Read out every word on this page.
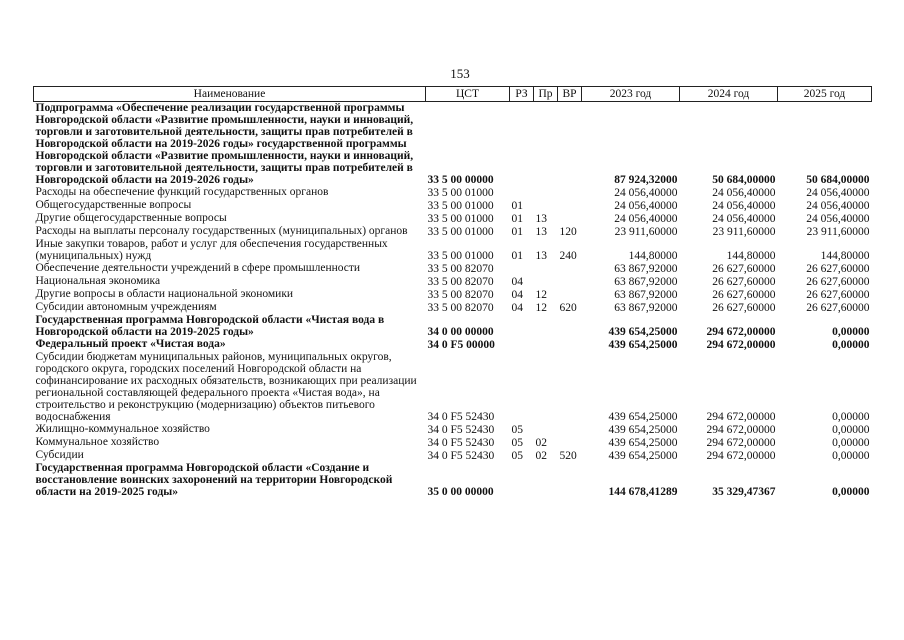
153
Наименование	ЦСТ	РЗ	Пр	ВР	2023 год	2024 год	2025 год
Подпрограмма «Обеспечение реализации государственной программы Новгородской области «Развитие промышленности, науки и инноваций, торговли и заготовительной деятельности, защиты прав потребителей в Новгородской области на 2019-2026 годы» государственной программы Новгородской области «Развитие промышленности, науки и инноваций, торговли и заготовительной деятельности, защиты прав потребителей в Новгородской области на 2019-2026 годы»	33 5 00 00000				87 924,32000	50 684,00000	50 684,00000
Расходы на обеспечение функций государственных органов	33 5 00 01000				24 056,40000	24 056,40000	24 056,40000
Общегосударственные вопросы	33 5 00 01000	01			24 056,40000	24 056,40000	24 056,40000
Другие общегосударственные вопросы	33 5 00 01000	01	13		24 056,40000	24 056,40000	24 056,40000
Расходы на выплаты персоналу государственных (муниципальных) органов	33 5 00 01000	01	13	120	23 911,60000	23 911,60000	23 911,60000
Иные закупки товаров, работ и услуг для обеспечения государственных (муниципальных) нужд	33 5 00 01000	01	13	240	144,80000	144,80000	144,80000
Обеспечение деятельности учреждений в сфере промышленности	33 5 00 82070				63 867,92000	26 627,60000	26 627,60000
Национальная экономика	33 5 00 82070	04			63 867,92000	26 627,60000	26 627,60000
Другие вопросы в области национальной экономики	33 5 00 82070	04	12		63 867,92000	26 627,60000	26 627,60000
Субсидии автономным учреждениям	33 5 00 82070	04	12	620	63 867,92000	26 627,60000	26 627,60000
Государственная программа Новгородской области «Чистая вода в Новгородской области на 2019-2025 годы»	34 0 00 00000				439 654,25000	294 672,00000	0,00000
Федеральный проект «Чистая вода»	34 0 F5 00000				439 654,25000	294 672,00000	0,00000
Субсидии бюджетам муниципальных районов, муниципальных округов, городского округа, городских поселений Новгородской области на софинансирование их расходных обязательств, возникающих при реализации региональной составляющей федерального проекта «Чистая вода», на строительство и реконструкцию (модернизацию) объектов питьевого водоснабжения	34 0 F5 52430				439 654,25000	294 672,00000	0,00000
Жилищно-коммунальное хозяйство	34 0 F5 52430	05			439 654,25000	294 672,00000	0,00000
Коммунальное хозяйство	34 0 F5 52430	05	02		439 654,25000	294 672,00000	0,00000
Субсидии	34 0 F5 52430	05	02	520	439 654,25000	294 672,00000	0,00000
Государственная программа Новгородской области «Создание и восстановление воинских захоронений на территории Новгородской области на 2019-2025 годы»	35 0 00 00000				144 678,41289	35 329,47367	0,00000
